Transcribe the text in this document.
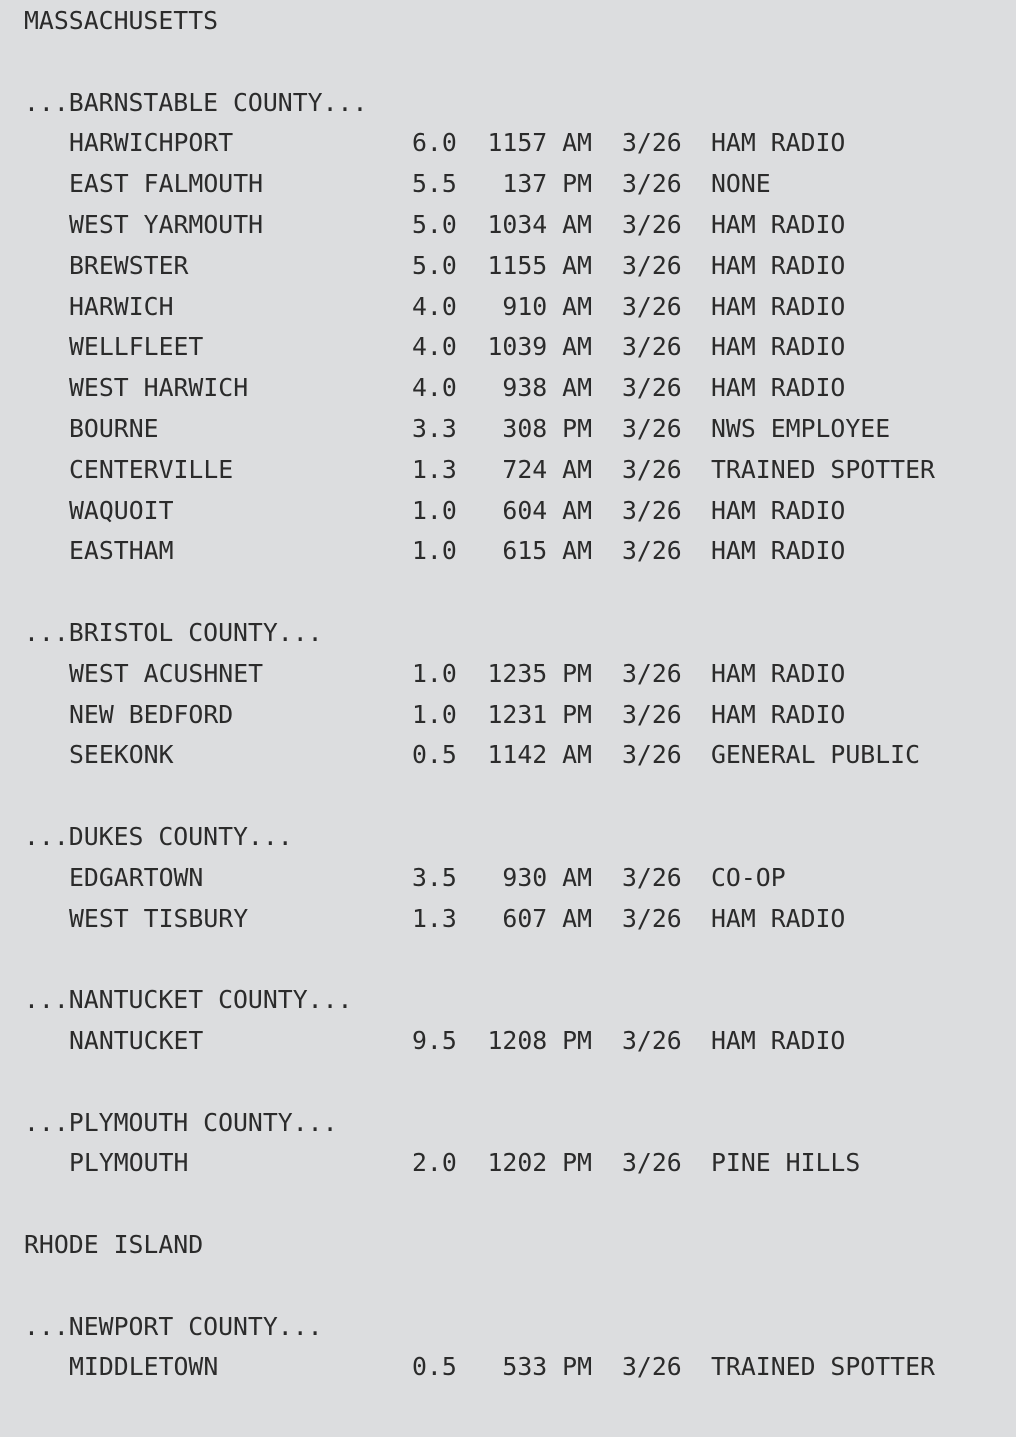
MASSACHUSETTS
...BARNSTABLE COUNTY...
HARWICHPORT	6.0 1157 AM 3/26 HAM RADIO
EAST FALMOUTH	5.5	137 PM 3/26 NONE
WEST YARMOUTH	5.0 1034 AM 3/26 HAM RADIO
BREWSTER	5.0 1155 AM 3/26 HAM RADIO
HARWICH	4.0	910 AM 3/26 HAM RADIO
WELLFLEET	4.0 1039 AM 3/26 HAM RADIO
WEST HARWICH	4.0	938 AM 3/26 HAM RADIO
BOURNE	3.3	308 PM 3/26 NWS EMPLOYEE
CENTERVILLE	1.3	724 AM 3/26 TRAINED SPOTTER
WAQUOIT	1.0	604 AM 3/26 HAM RADIO
EASTHAM	1.0	615 AM 3/26 HAM RADIO
...BRISTOL COUNTY...
WEST ACUSHNET	1.0 1235 PM 3/26 HAM RADIO
NEW BEDFORD	1.0 1231 PM 3/26 HAM RADIO
SEEKONK	0.5 1142 AM 3/26 GENERAL PUBLIC
...DUKES COUNTY...
EDGARTOWN	3.5	930 AM 3/26 CO-OP
WEST TISBURY	1.3	607 AM 3/26 HAM RADIO
...NANTUCKET COUNTY...
NANTUCKET	9.5 1208 PM 3/26 HAM RADIO
...PLYMOUTH COUNTY...
PLYMOUTH	2.0 1202 PM 3/26 PINE HILLS
RHODE ISLAND
...NEWPORT COUNTY...
MIDDLETOWN	0.5	533 PM 3/26 TRAINED SPOTTER
